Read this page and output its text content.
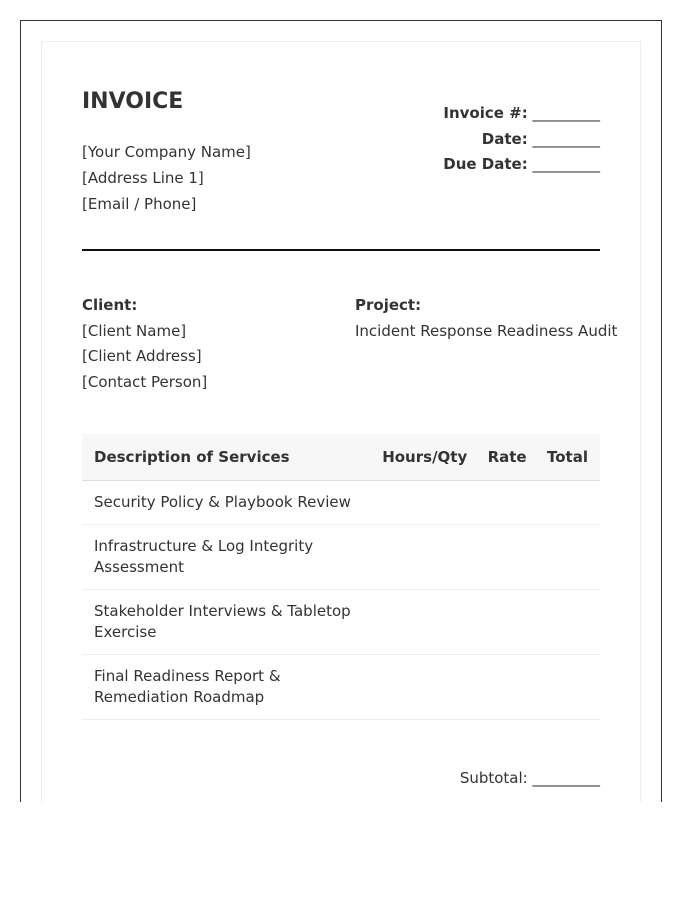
INVOICE
[Your Company Name]
[Address Line 1]
[Email / Phone]
Invoice #: _________
Date: _________
Due Date: _________
Client:
[Client Name]
[Client Address]
[Contact Person]
Project:
Incident Response Readiness Audit
Description of Services	Hours/Qty	Rate	Total
Security Policy & Playbook Review			
Infrastructure & Log Integrity Assessment			
Stakeholder Interviews & Tabletop Exercise			
Final Readiness Report & Remediation Roadmap			
Subtotal: _________
